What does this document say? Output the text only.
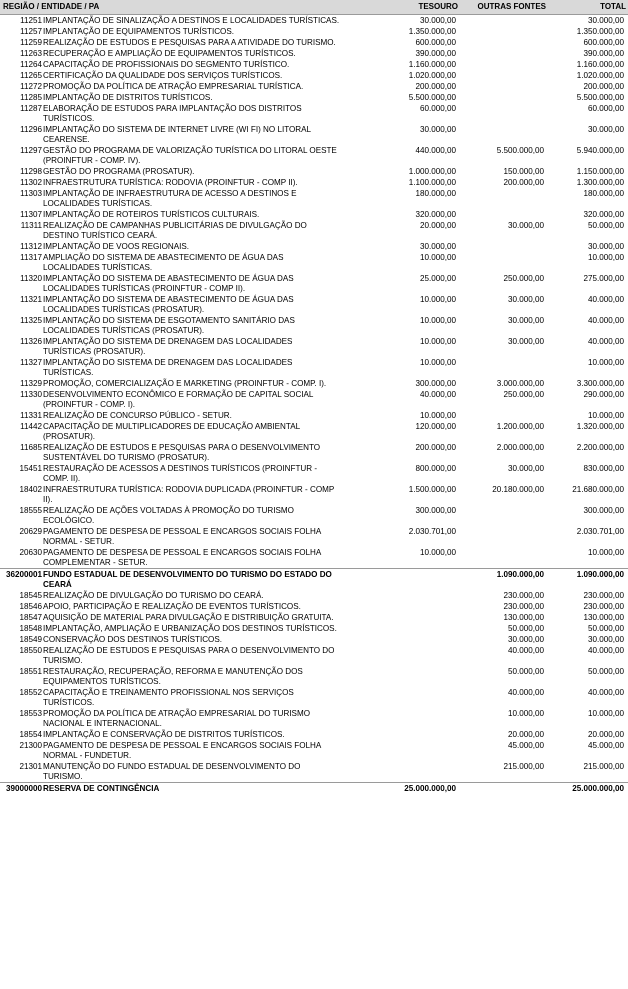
REGIÃO / ENTIDADE / PA		TESOURO	OUTRAS FONTES	TOTAL
11251	IMPLANTAÇÃO DE SINALIZAÇÃO A DESTINOS E LOCALIDADES TURÍSTICAS.	30.000,00		30.000,00
11257	IMPLANTAÇÃO DE EQUIPAMENTOS TURÍSTICOS.	1.350.000,00		1.350.000,00
11259	REALIZAÇÃO DE ESTUDOS E PESQUISAS PARA A ATIVIDADE DO TURISMO.	600.000,00		600.000,00
11263	RECUPERAÇÃO E AMPLIAÇÃO DE EQUIPAMENTOS TURÍSTICOS.	390.000,00		390.000,00
11264	CAPACITAÇÃO DE PROFISSIONAIS DO SEGMENTO TURÍSTICO.	1.160.000,00		1.160.000,00
11265	CERTIFICAÇÃO DA QUALIDADE DOS SERVIÇOS TURÍSTICOS.	1.020.000,00		1.020.000,00
11272	PROMOÇÃO DA POLÍTICA DE ATRAÇÃO EMPRESARIAL TURÍSTICA.	200.000,00		200.000,00
11285	IMPLANTAÇÃO DE DISTRITOS TURÍSTICOS.	5.500.000,00		5.500.000,00
11287	ELABORAÇÃO DE ESTUDOS PARA IMPLANTAÇÃO DOS DISTRITOS TURÍSTICOS.	60.000,00		60.000,00
11296	IMPLANTAÇÃO DO SISTEMA DE INTERNET LIVRE (WI FI) NO LITORAL CEARENSE.	30.000,00		30.000,00
11297	GESTÃO DO PROGRAMA DE VALORIZAÇÃO TURÍSTICA DO LITORAL OESTE (PROINFTUR - COMP. IV).	440.000,00	5.500.000,00	5.940.000,00
11298	GESTÃO DO PROGRAMA (PROSATUR).	1.000.000,00	150.000,00	1.150.000,00
11302	INFRAESTRUTURA TURÍSTICA: RODOVIA (PROINFTUR - COMP II).	1.100.000,00	200.000,00	1.300.000,00
11303	IMPLANTAÇÃO DE INFRAESTRUTURA DE ACESSO A DESTINOS E LOCALIDADES TURÍSTICAS.	180.000,00		180.000,00
11307	IMPLANTAÇÃO DE ROTEIROS TURÍSTICOS CULTURAIS.	320.000,00		320.000,00
11311	REALIZAÇÃO DE CAMPANHAS PUBLICITÁRIAS DE DIVULGAÇÃO DO DESTINO TURÍSTICO CEARÁ.	20.000,00	30.000,00	50.000,00
11312	IMPLANTAÇÃO DE VOOS REGIONAIS.	30.000,00		30.000,00
11317	AMPLIAÇÃO DO SISTEMA DE ABASTECIMENTO DE ÁGUA DAS LOCALIDADES TURÍSTICAS.	10.000,00		10.000,00
11320	IMPLANTAÇÃO DO SISTEMA DE ABASTECIMENTO DE ÁGUA DAS LOCALIDADES TURÍSTICAS (PROINFTUR - COMP II).	25.000,00	250.000,00	275.000,00
11321	IMPLANTAÇÃO DO SISTEMA DE ABASTECIMENTO DE ÁGUA DAS LOCALIDADES TURÍSTICAS (PROSATUR).	10.000,00	30.000,00	40.000,00
11325	IMPLANTAÇÃO DO SISTEMA DE ESGOTAMENTO SANITÁRIO DAS LOCALIDADES TURÍSTICAS (PROSATUR).	10.000,00	30.000,00	40.000,00
11326	IMPLANTAÇÃO DO SISTEMA DE DRENAGEM DAS LOCALIDADES TURÍSTICAS (PROSATUR).	10.000,00	30.000,00	40.000,00
11327	IMPLANTAÇÃO DO SISTEMA DE DRENAGEM DAS LOCALIDADES TURÍSTICAS.	10.000,00		10.000,00
11329	PROMOÇÃO, COMERCIALIZAÇÃO E MARKETING (PROINFTUR - COMP. I).	300.000,00	3.000.000,00	3.300.000,00
11330	DESENVOLVIMENTO ECONÔMICO E FORMAÇÃO DE CAPITAL SOCIAL (PROINFTUR - COMP. I).	40.000,00	250.000,00	290.000,00
11331	REALIZAÇÃO DE CONCURSO PÚBLICO - SETUR.	10.000,00		10.000,00
11442	CAPACITAÇÃO DE MULTIPLICADORES DE EDUCAÇÃO AMBIENTAL (PROSATUR).	120.000,00	1.200.000,00	1.320.000,00
11685	REALIZAÇÃO DE ESTUDOS E PESQUISAS PARA O DESENVOLVIMENTO SUSTENTÁVEL DO TURISMO (PROSATUR).	200.000,00	2.000.000,00	2.200.000,00
15451	RESTAURAÇÃO DE ACESSOS A DESTINOS TURÍSTICOS (PROINFTUR - COMP. II).	800.000,00	30.000,00	830.000,00
18402	INFRAESTRUTURA TURÍSTICA: RODOVIA DUPLICADA (PROINFTUR - COMP II).	1.500.000,00	20.180.000,00	21.680.000,00
18555	REALIZAÇÃO DE AÇÕES VOLTADAS À PROMOÇÃO DO TURISMO ECOLÓGICO.	300.000,00		300.000,00
20629	PAGAMENTO DE DESPESA DE PESSOAL E ENCARGOS SOCIAIS FOLHA NORMAL - SETUR.	2.030.701,00		2.030.701,00
20630	PAGAMENTO DE DESPESA DE PESSOAL E ENCARGOS SOCIAIS FOLHA COMPLEMENTAR - SETUR.	10.000,00		10.000,00
36200001	FUNDO ESTADUAL DE DESENVOLVIMENTO DO TURISMO DO ESTADO DO CEARÁ		1.090.000,00	1.090.000,00
18545	REALIZAÇÃO DE DIVULGAÇÃO DO TURISMO DO CEARÁ.		230.000,00	230.000,00
18546	APOIO, PARTICIPAÇÃO E REALIZAÇÃO DE EVENTOS TURÍSTICOS.		230.000,00	230.000,00
18547	AQUISIÇÃO DE MATERIAL PARA DIVULGAÇÃO E DISTRIBUIÇÃO GRATUITA.		130.000,00	130.000,00
18548	IMPLANTAÇÃO, AMPLIAÇÃO E URBANIZAÇÃO DOS DESTINOS TURÍSTICOS.		50.000,00	50.000,00
18549	CONSERVAÇÃO DOS DESTINOS TURÍSTICOS.		30.000,00	30.000,00
18550	REALIZAÇÃO DE ESTUDOS E PESQUISAS PARA O DESENVOLVIMENTO DO TURISMO.		40.000,00	40.000,00
18551	RESTAURAÇÃO, RECUPERAÇÃO, REFORMA E MANUTENÇÃO DOS EQUIPAMENTOS TURÍSTICOS.		50.000,00	50.000,00
18552	CAPACITAÇÃO E TREINAMENTO PROFISSIONAL NOS SERVIÇOS TURÍSTICOS.		40.000,00	40.000,00
18553	PROMOÇÃO DA POLÍTICA DE ATRAÇÃO EMPRESARIAL DO TURISMO NACIONAL E INTERNACIONAL.		10.000,00	10.000,00
18554	IMPLANTAÇÃO E CONSERVAÇÃO DE DISTRITOS TURÍSTICOS.		20.000,00	20.000,00
21300	PAGAMENTO DE DESPESA DE PESSOAL E ENCARGOS SOCIAIS FOLHA NORMAL - FUNDETUR.		45.000,00	45.000,00
21301	MANUTENÇÃO DO FUNDO ESTADUAL DE DESENVOLVIMENTO DO TURISMO.		215.000,00	215.000,00
39000000	RESERVA DE CONTINGÊNCIA	25.000.000,00		25.000.000,00
